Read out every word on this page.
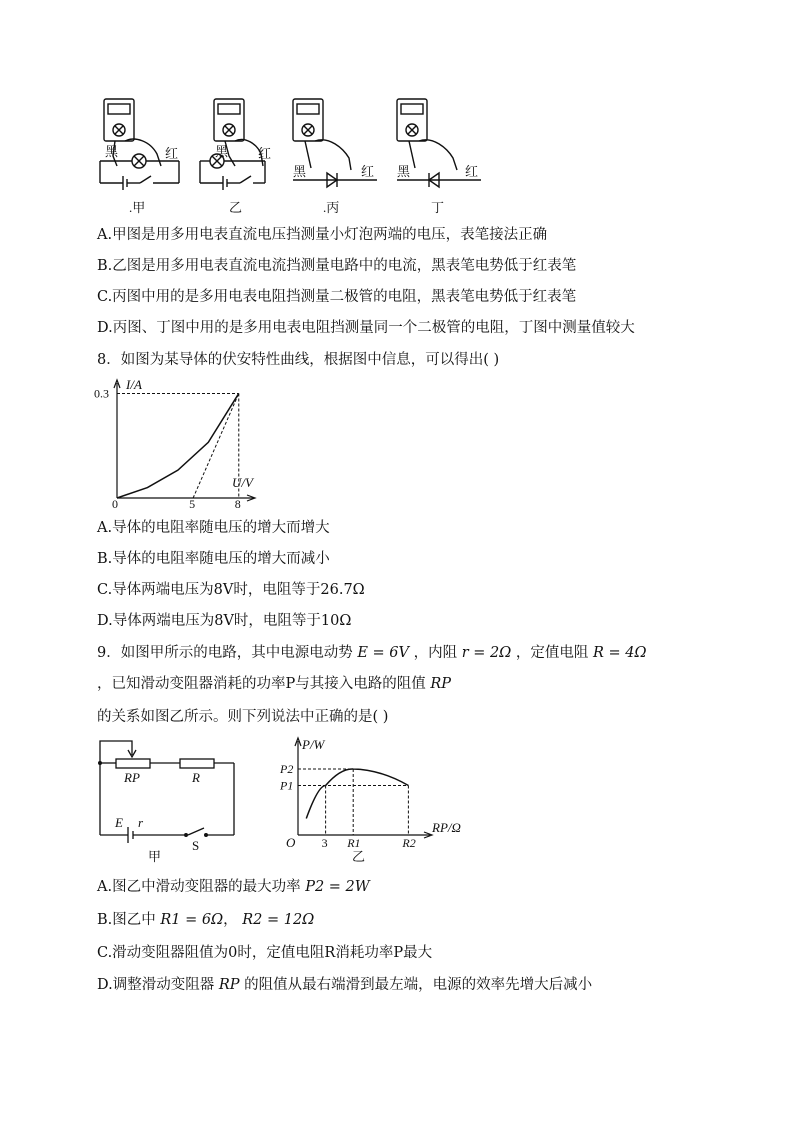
黑	红	黑 红
黑	红 黑	红
.甲	乙	.丙	丁
A.甲图是用多用电表直流电压挡测量小灯泡两端的电压，表笔接法正确
B.乙图是用多用电表直流电流挡测量电路中的电流，黑表笔电势低于红表笔
C.丙图中用的是多用电表电阻挡测量二极管的电阻，黑表笔电势低于红表笔
D.丙图、丁图中用的是多用电表电阻挡测量同一个二极管的电阻，丁图中测量值较大
8．如图为某导体的伏安特性曲线，根据图中信息，可以得出( )
5	8
0.3
I/A
U/V
0
A.导体的电阻率随电压的增大而增大
B.导体的电阻率随电压的增大而减小
C.导体两端电压为8V时，电阻等于26.7Ω
D.导体两端电压为8V时，电阻等于10Ω
9．如图甲所示的电路，其中电源电动势 E = 6V ，内阻 r = 2Ω ，定值电阻 R = 4Ω
，已知滑动变阻器消耗的功率P与其接入电路的阻值 RP
的关系如图乙所示。则下列说法中正确的是( )
RP	R
E r
S
甲
3 R1	R2
P1
P2
P/W
RP/Ω
O
乙
A.图乙中滑动变阻器的最大功率 P2 = 2W
B.图乙中 R1 = 6Ω， R2 = 12Ω
C.滑动变阻器阻值为0时，定值电阻R消耗功率P最大
D.调整滑动变阻器 RP 的阻值从最右端滑到最左端，电源的效率先增大后减小
